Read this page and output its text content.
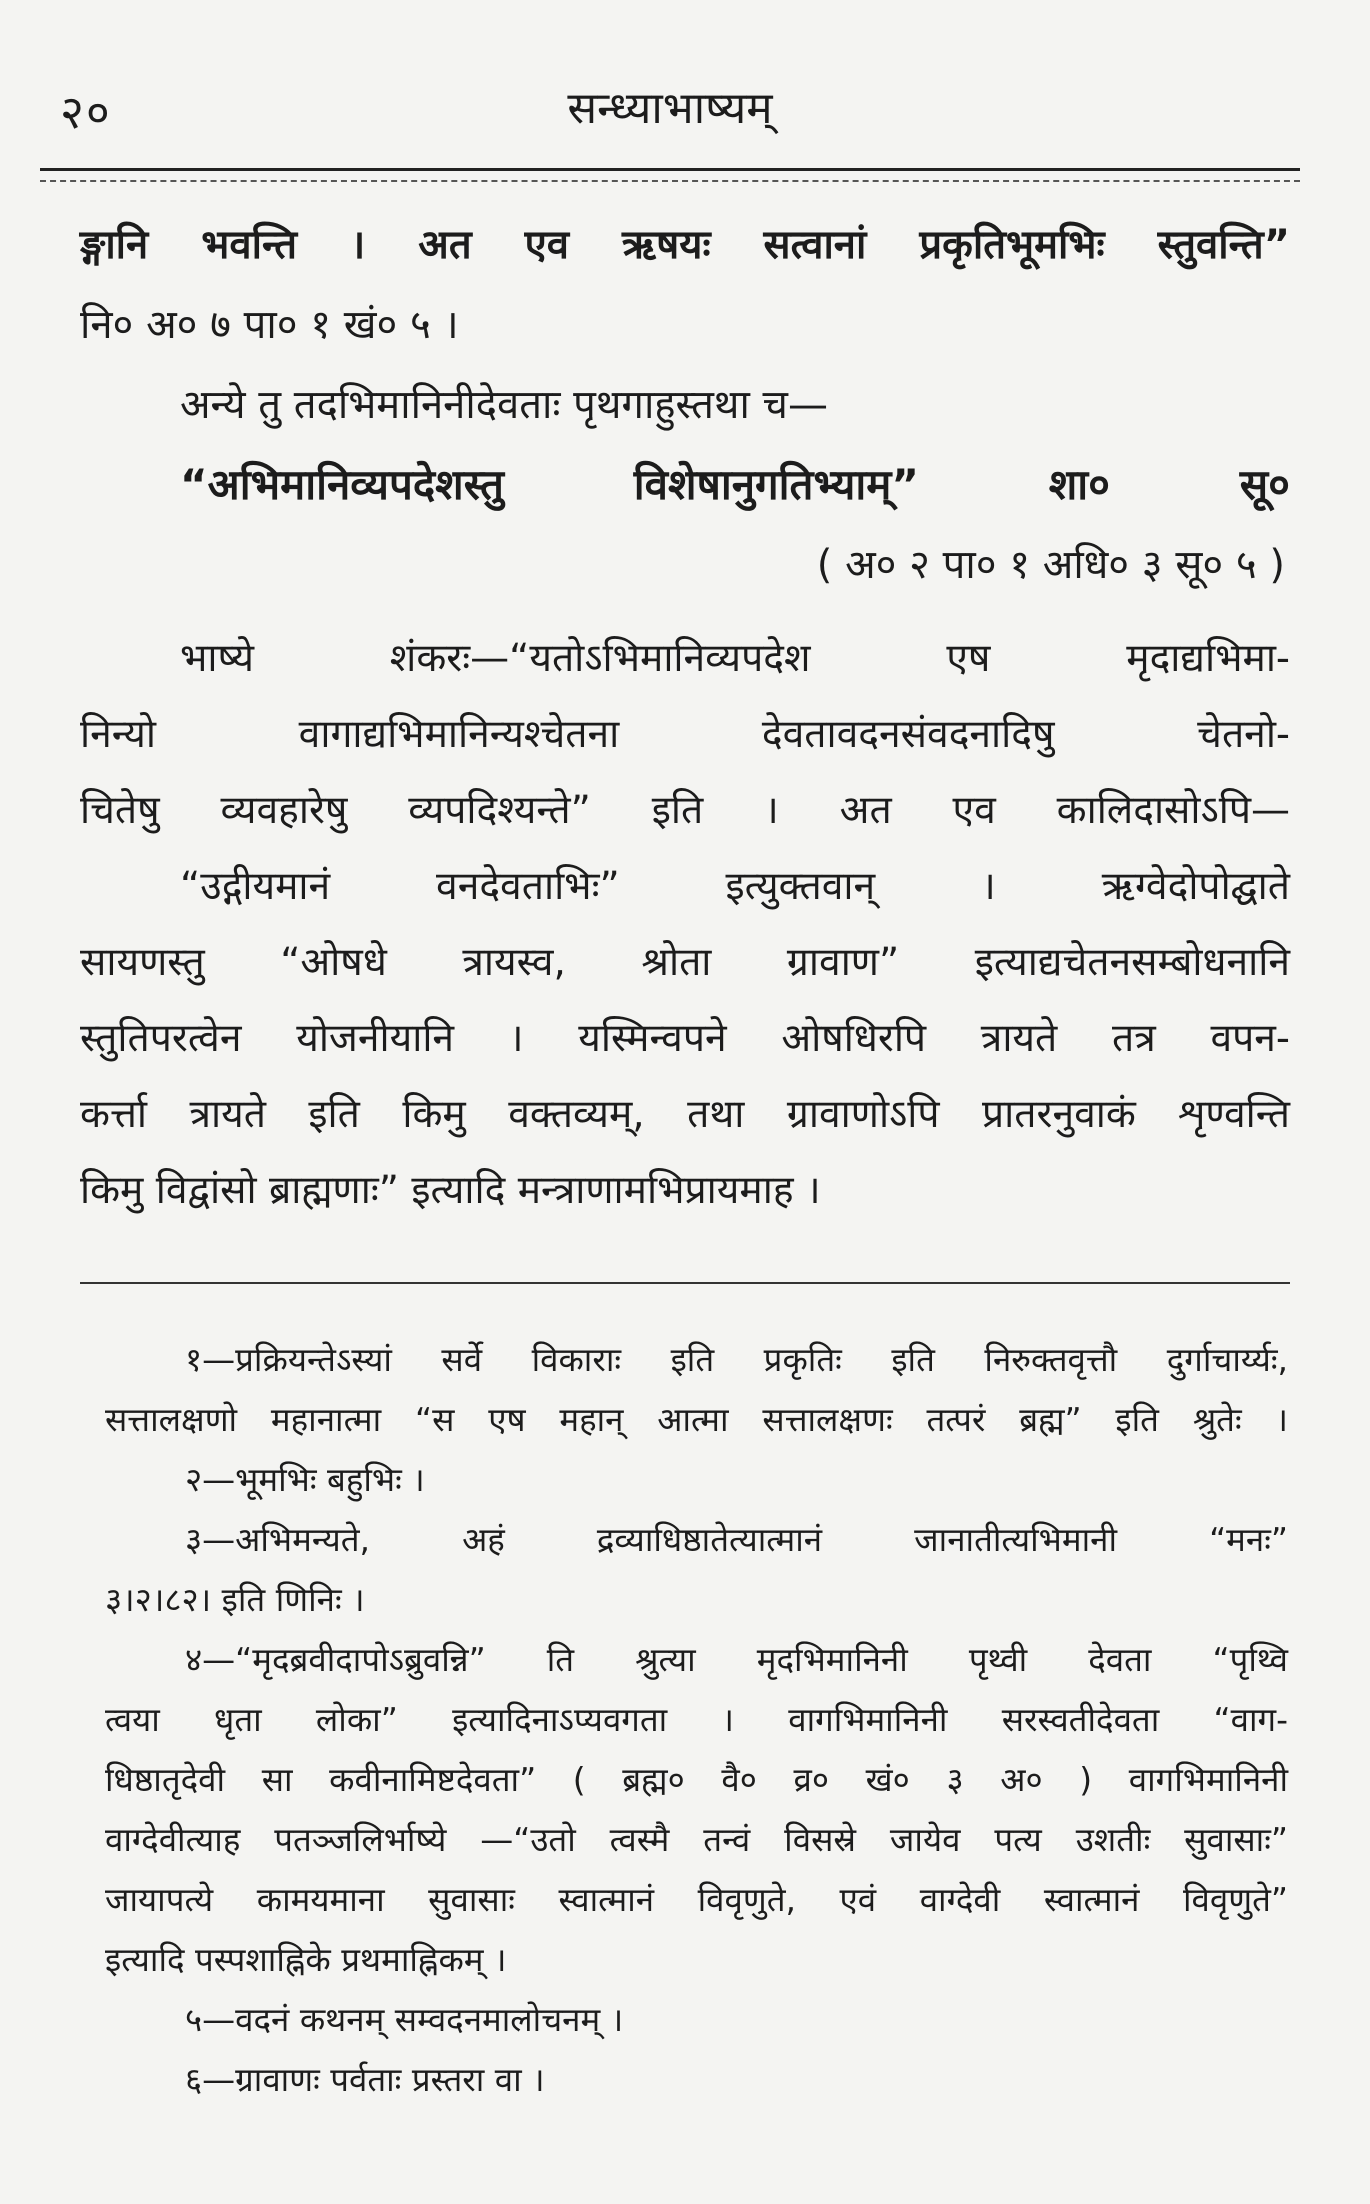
२०	सन्ध्याभाष्यम्
ङ्गानि भवन्ति । अत एव ऋषयः सत्वानां प्रकृतिभूमभिः स्तुवन्ति”
नि० अ० ७ पा० १ खं० ५ ।
अन्ये तु तदभिमानिनीदेवताः पृथगाहुस्तथा च—
“अभिमानिव्यपदेशस्तु विशेषानुगतिभ्याम्” शा० सू०
( अ० २ पा० १ अधि० ३ सू० ५ )
भाष्ये शंकरः—“यतोऽभिमानिव्यपदेश एष मृदाद्यभिमा-
निन्यो वागाद्यभिमानिन्यश्चेतना देवतावदनसंवदनादिषु चेतनो-
चितेषु व्यवहारेषु व्यपदिश्यन्ते” इति । अत एव कालिदासोऽपि—
“उद्गीयमानं वनदेवताभिः” इत्युक्तवान् । ऋग्वेदोपोद्घाते
सायणस्तु “ओषधे त्रायस्व, श्रोता ग्रावाण” इत्याद्यचेतनसम्बोधनानि
स्तुतिपरत्वेन योजनीयानि । यस्मिन्वपने ओषधिरपि त्रायते तत्र वपन-
कर्त्ता त्रायते इति किमु वक्तव्यम्, तथा ग्रावाणोऽपि प्रातरनुवाकं शृण्वन्ति
किमु विद्वांसो ब्राह्मणाः” इत्यादि मन्त्राणामभिप्रायमाह ।
१—प्रक्रियन्तेऽस्यां सर्वे विकाराः इति प्रकृतिः इति निरुक्तवृत्तौ दुर्गाचार्य्यः,
सत्तालक्षणो महानात्मा “स एष महान् आत्मा सत्तालक्षणः तत्परं ब्रह्म” इति श्रुतेः ।
२—भूमभिः बहुभिः ।
३—अभिमन्यते, अहं द्रव्याधिष्ठातेत्यात्मानं जानातीत्यभिमानी “मनः”
३।२।८२। इति णिनिः ।
४—“मृदब्रवीदापोऽब्रुवन्नि” ति श्रुत्या मृदभिमानिनी पृथ्वी देवता “पृथ्वि
त्वया धृता लोका” इत्यादिनाऽप्यवगता । वागभिमानिनी सरस्वतीदेवता “वाग-
धिष्ठातृदेवी सा कवीनामिष्टदेवता” ( ब्रह्म० वै० व्र० खं० ३ अ० ) वागभिमानिनी
वाग्देवीत्याह पतञ्जलिर्भाष्ये —“उतो त्वस्मै तन्वं विसस्रे जायेव पत्य उशतीः सुवासाः”
जायापत्ये कामयमाना सुवासाः स्वात्मानं विवृणुते, एवं वाग्देवी स्वात्मानं विवृणुते”
इत्यादि पस्पशाह्निके प्रथमाह्निकम् ।
५—वदनं कथनम् सम्वदनमालोचनम् ।
६—ग्रावाणः पर्वताः प्रस्तरा वा ।
